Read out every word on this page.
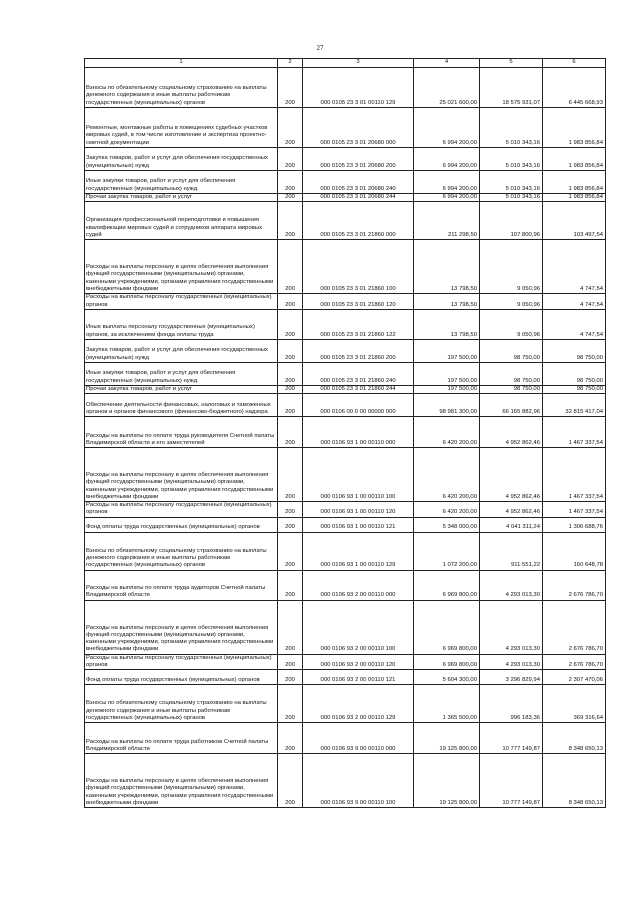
27
1	2	3	4	5	6
Взносы по обязательному социальному страхованию на выплаты денежного содержания и иные выплаты работникам государственных (муниципальных) органов	200	000 0105 23 3 01 00110 129	25 021 600,00	18 575 931,07	6 445 668,93
Ремонтные, монтажные работы в помещениях судебных участков мировых судей, в том числе изготовление и экспертиза проектно-сметной документации	200	000 0105 23 3 01 20680 000	6 994 200,00	5 010 343,16	1 983 856,84
Закупка товаров, работ и услуг для обеспечения государственных (муниципальных) нужд	200	000 0105 23 3 01 20680 200	6 994 200,00	5 010 343,16	1 983 856,84
Иные закупки товаров, работ и услуг для обеспечения государственных (муниципальных) нужд	200	000 0105 23 3 01 20680 240	6 994 200,00	5 010 343,16	1 983 856,84
Прочая закупка товаров, работ и услуг	200	000 0105 23 3 01 20680 244	6 994 200,00	5 010 343,16	1 983 856,84
Организация профессиональной переподготовки и повышения квалификации мировых судей и сотрудников аппарата мировых судей	200	000 0105 23 3 01 21860 000	211 298,50	107 800,96	103 497,54
Расходы на выплаты персоналу в целях обеспечения выполнения функций государственными (муниципальными) органами, казенными учреждениями, органами управления государственными внебюджетными фондами	200	000 0105 23 3 01 21860 100	13 798,50	9 050,96	4 747,54
Расходы на выплаты персоналу государственных (муниципальных) органов	200	000 0105 23 3 01 21860 120	13 798,50	9 050,96	4 747,54
Иные выплаты персоналу государственных (муниципальных) органов, за исключением фонда оплаты труда	200	000 0105 23 3 01 21860 122	13 798,50	9 050,96	4 747,54
Закупка товаров, работ и услуг для обеспечения государственных (муниципальных) нужд	200	000 0105 23 3 01 21860 200	197 500,00	98 750,00	98 750,00
Иные закупки товаров, работ и услуг для обеспечения государственных (муниципальных) нужд	200	000 0105 23 3 01 21860 240	197 500,00	98 750,00	98 750,00
Прочая закупка товаров, работ и услуг	200	000 0105 23 3 01 21860 244	197 500,00	98 750,00	98 750,00
Обеспечение деятельности финансовых, налоговых и таможенных органов и органов финансового (финансово-бюджетного) надзора	200	000 0106 00 0 00 00000 000	98 981 300,00	66 165 882,96	32 815 417,04
Расходы на выплаты по оплате труда руководителя Счетной палаты Владимирской области и его заместителей	200	000 0106 93 1 00 00110 000	6 420 200,00	4 952 862,46	1 467 337,54
Расходы на выплаты персоналу в целях обеспечения выполнения функций государственными (муниципальными) органами, казенными учреждениями, органами управления государственными внебюджетными фондами	200	000 0106 93 1 00 00110 100	6 420 200,00	4 952 862,46	1 467 337,54
Расходы на выплаты персоналу государственных (муниципальных) органов	200	000 0106 93 1 00 00110 120	6 420 200,00	4 952 862,46	1 467 337,54
Фонд оплаты труда государственных (муниципальных) органов	200	000 0106 93 1 00 00110 121	5 348 000,00	4 041 311,24	1 306 688,76
Взносы по обязательному социальному страхованию на выплаты денежного содержания и иные выплаты работникам государственных (муниципальных) органов	200	000 0106 93 1 00 00110 129	1 072 200,00	911 551,22	160 648,78
Расходы на выплаты по оплате труда аудиторов Счетной палаты Владимирской области	200	000 0106 93 2 00 00110 000	6 969 800,00	4 293 013,30	2 676 786,70
Расходы на выплаты персоналу в целях обеспечения выполнения функций государственными (муниципальными) органами, казенными учреждениями, органами управления государственными внебюджетными фондами	200	000 0106 93 2 00 00110 100	6 969 800,00	4 293 013,30	2 676 786,70
Расходы на выплаты персоналу государственных (муниципальных) органов	200	000 0106 93 2 00 00110 120	6 969 800,00	4 293 013,30	2 676 786,70
Фонд оплаты труда государственных (муниципальных) органов	200	000 0106 93 2 00 00110 121	5 604 300,00	3 296 829,94	2 307 470,06
Взносы по обязательному социальному страхованию на выплаты денежного содержания и иные выплаты работникам государственных (муниципальных) органов	200	000 0106 93 2 00 00110 129	1 365 500,00	996 183,36	369 316,64
Расходы на выплаты по оплате труда работников Счетной палаты Владимирской области	200	000 0106 93 9 00 00110 000	19 125 800,00	10 777 149,87	8 348 650,13
Расходы на выплаты персоналу в целях обеспечения выполнения функций государственными (муниципальными) органами, казенными учреждениями, органами управления государственными внебюджетными фондами	200	000 0106 93 9 00 00110 100	19 125 800,00	10 777 149,87	8 348 650,13
